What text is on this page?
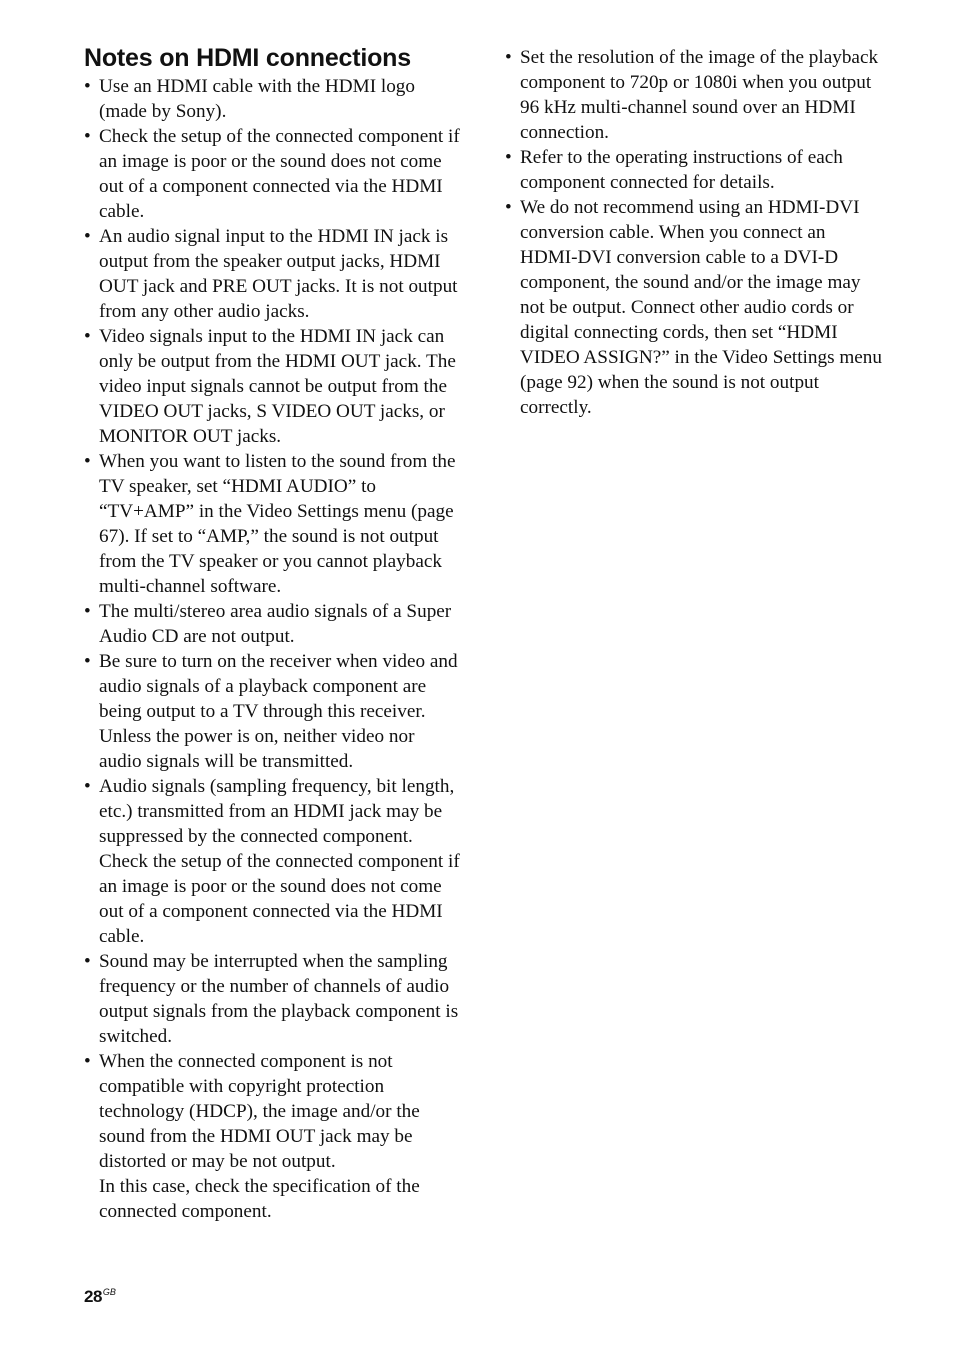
Notes on HDMI connections
• Use an HDMI cable with the HDMI logo (made by Sony).
• Check the setup of the connected component if an image is poor or the sound does not come out of a component connected via the HDMI cable.
• An audio signal input to the HDMI IN jack is output from the speaker output jacks, HDMI OUT jack and PRE OUT jacks. It is not output from any other audio jacks.
• Video signals input to the HDMI IN jack can only be output from the HDMI OUT jack. The video input signals cannot be output from the VIDEO OUT jacks, S VIDEO OUT jacks, or MONITOR OUT jacks.
• When you want to listen to the sound from the TV speaker, set “HDMI AUDIO” to “TV+AMP” in the Video Settings menu (page 67). If set to “AMP,” the sound is not output from the TV speaker or you cannot playback multi-channel software.
• The multi/stereo area audio signals of a Super Audio CD are not output.
• Be sure to turn on the receiver when video and audio signals of a playback component are being output to a TV through this receiver. Unless the power is on, neither video nor audio signals will be transmitted.
• Audio signals (sampling frequency, bit length, etc.) transmitted from an HDMI jack may be suppressed by the connected component. Check the setup of the connected component if an image is poor or the sound does not come out of a component connected via the HDMI cable.
• Sound may be interrupted when the sampling frequency or the number of channels of audio output signals from the playback component is switched.
• When the connected component is not compatible with copyright protection technology (HDCP), the image and/or the sound from the HDMI OUT jack may be distorted or may be not output.
In this case, check the specification of the connected component.
• Set the resolution of the image of the playback component to 720p or 1080i when you output 96 kHz multi-channel sound over an HDMI connection.
• Refer to the operating instructions of each component connected for details.
• We do not recommend using an HDMI-DVI conversion cable. When you connect an HDMI-DVI conversion cable to a DVI-D component, the sound and/or the image may not be output. Connect other audio cords or digital connecting cords, then set “HDMI VIDEO ASSIGN?” in the Video Settings menu (page 92) when the sound is not output correctly.
$28^{GB}$
